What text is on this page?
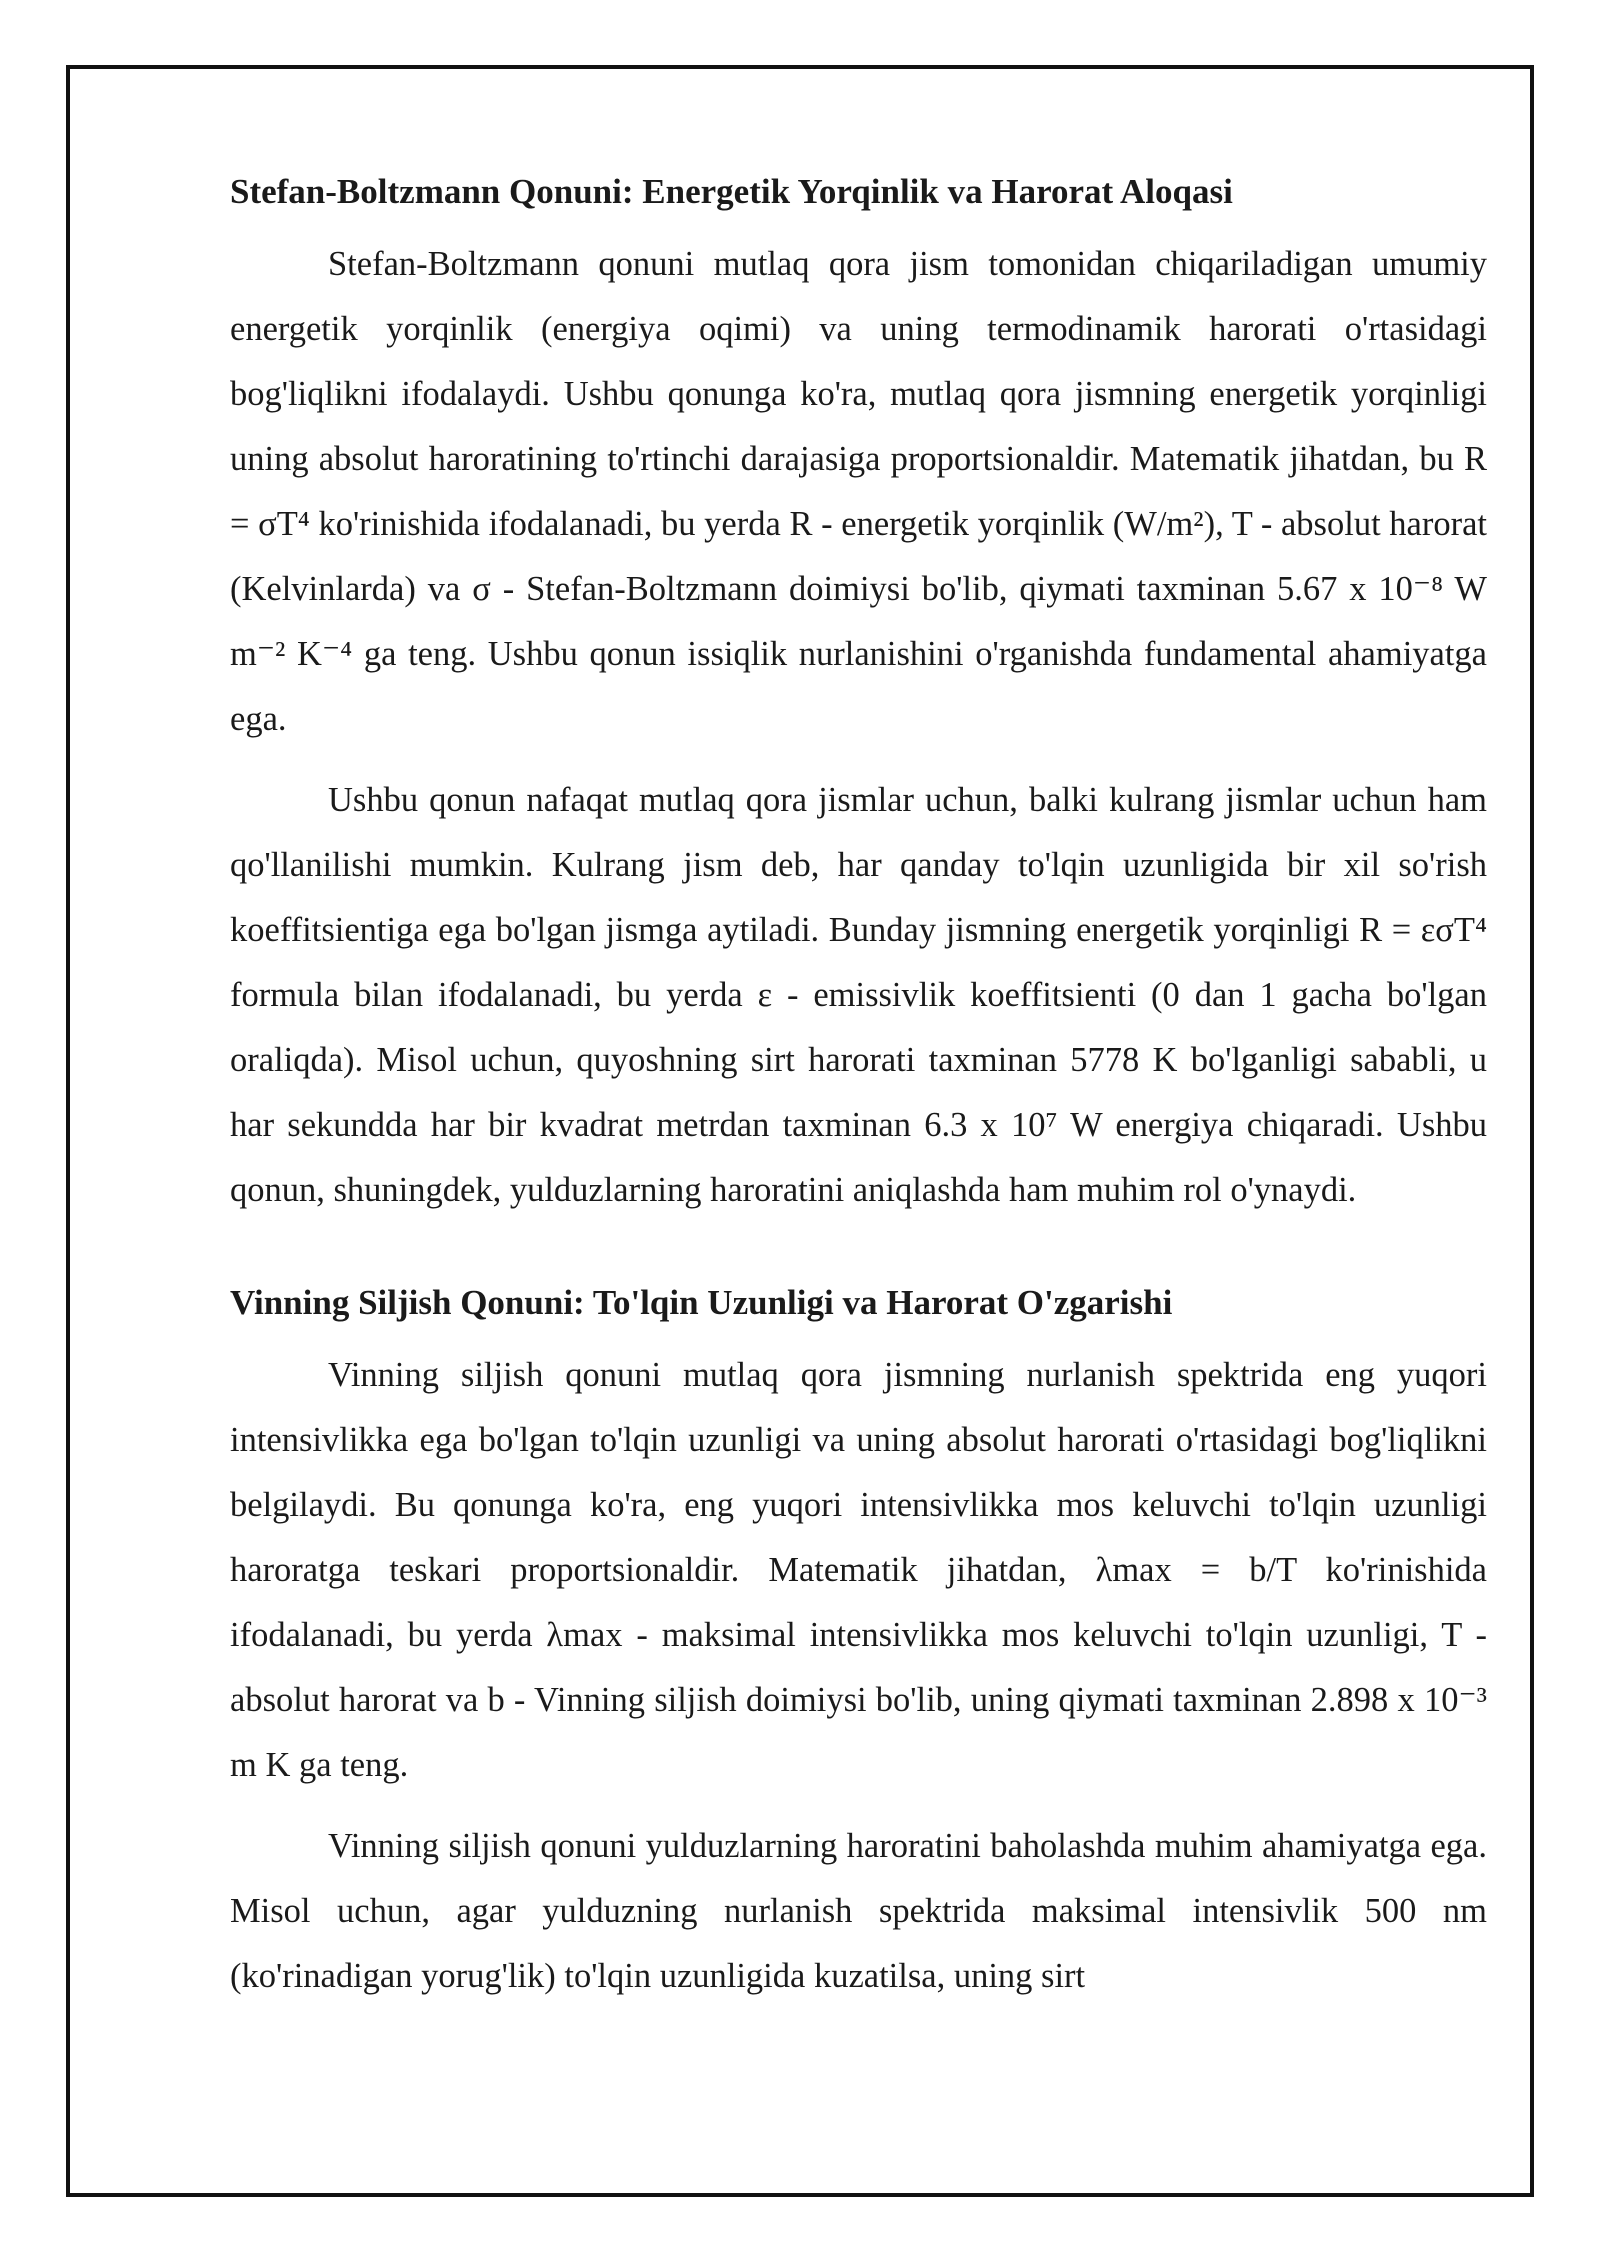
Stefan-Boltzmann Qonuni: Energetik Yorqinlik va Harorat Aloqasi

Stefan-Boltzmann qonuni mutlaq qora jism tomonidan chiqariladigan umumiy energetik yorqinlik (energiya oqimi) va uning termodinamik harorati o'rtasidagi bog'liqlikni ifodalaydi. Ushbu qonunga ko'ra, mutlaq qora jismning energetik yorqinligi uning absolut haroratining to'rtinchi darajasiga proportsionaldir. Matematik jihatdan, bu R = σT⁴ ko'rinishida ifodalanadi, bu yerda R - energetik yorqinlik (W/m²), T - absolut harorat (Kelvinlarda) va σ - Stefan-Boltzmann doimiysi bo'lib, qiymati taxminan 5.67 x 10⁻⁸ W m⁻² K⁻⁴ ga teng. Ushbu qonun issiqlik nurlanishini o'rganishda fundamental ahamiyatga ega.

Ushbu qonun nafaqat mutlaq qora jismlar uchun, balki kulrang jismlar uchun ham qo'llanilishi mumkin. Kulrang jism deb, har qanday to'lqin uzunligida bir xil so'rish koeffitsientiga ega bo'lgan jismga aytiladi. Bunday jismning energetik yorqinligi R = εσT⁴ formula bilan ifodalanadi, bu yerda ε - emissivlik koeffitsienti (0 dan 1 gacha bo'lgan oraliqda). Misol uchun, quyoshning sirt harorati taxminan 5778 K bo'lganligi sababli, u har sekundda har bir kvadrat metrdan taxminan 6.3 x 10⁷ W energiya chiqaradi. Ushbu qonun, shuningdek, yulduzlarning haroratini aniqlashda ham muhim rol o'ynaydi.

Vinning Siljish Qonuni: To'lqin Uzunligi va Harorat O'zgarishi

Vinning siljish qonuni mutlaq qora jismning nurlanish spektrida eng yuqori intensivlikka ega bo'lgan to'lqin uzunligi va uning absolut harorati o'rtasidagi bog'liqlikni belgilaydi. Bu qonunga ko'ra, eng yuqori intensivlikka mos keluvchi to'lqin uzunligi haroratga teskari proportsionaldir. Matematik jihatdan, λmax = b/T ko'rinishida ifodalanadi, bu yerda λmax - maksimal intensivlikka mos keluvchi to'lqin uzunligi, T - absolut harorat va b - Vinning siljish doimiysi bo'lib, uning qiymati taxminan 2.898 x 10⁻³ m K ga teng.

Vinning siljish qonuni yulduzlarning haroratini baholashda muhim ahamiyatga ega. Misol uchun, agar yulduzning nurlanish spektrida maksimal intensivlik 500 nm (ko'rinadigan yorug'lik) to'lqin uzunligida kuzatilsa, uning sirt
